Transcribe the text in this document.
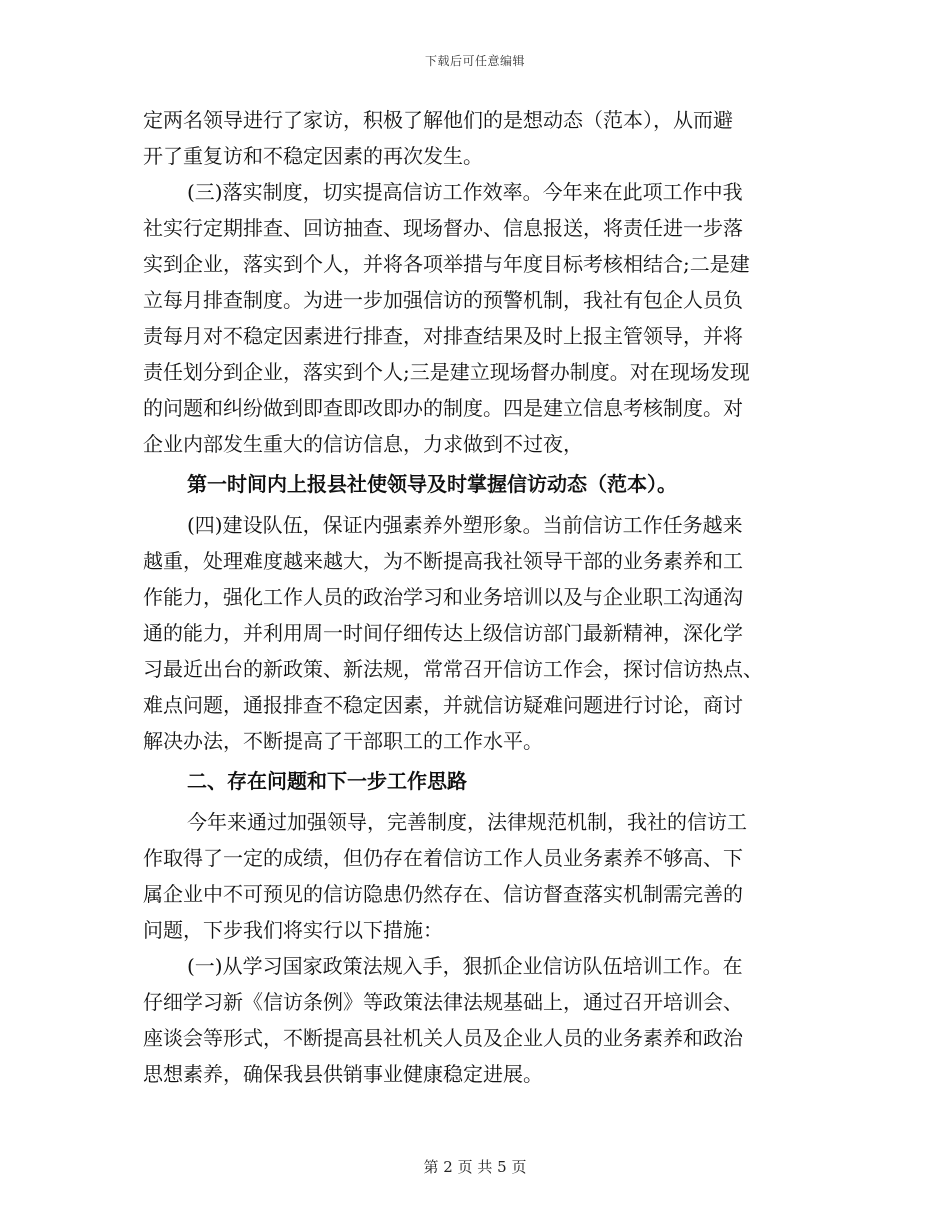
下载后可任意编辑
定两名领导进行了家访，积极了解他们的是想动态（范本），从而避
开了重复访和不稳定因素的再次发生。
(三)落实制度，切实提高信访工作效率。今年来在此项工作中我
社实行定期排查、回访抽查、现场督办、信息报送，将责任进一步落
实到企业，落实到个人，并将各项举措与年度目标考核相结合;二是建
立每月排查制度。为进一步加强信访的预警机制，我社有包企人员负
责每月对不稳定因素进行排查，对排查结果及时上报主管领导，并将
责任划分到企业，落实到个人;三是建立现场督办制度。对在现场发现
的问题和纠纷做到即查即改即办的制度。四是建立信息考核制度。对
企业内部发生重大的信访信息，力求做到不过夜，
第一时间内上报县社使领导及时掌握信访动态（范本）。
(四)建设队伍，保证内强素养外塑形象。当前信访工作任务越来
越重，处理难度越来越大，为不断提高我社领导干部的业务素养和工
作能力，强化工作人员的政治学习和业务培训以及与企业职工沟通沟
通的能力，并利用周一时间仔细传达上级信访部门最新精神，深化学
习最近出台的新政策、新法规，常常召开信访工作会，探讨信访热点、
难点问题，通报排查不稳定因素，并就信访疑难问题进行讨论，商讨
解决办法，不断提高了干部职工的工作水平。
二、存在问题和下一步工作思路
今年来通过加强领导，完善制度，法律规范机制，我社的信访工
作取得了一定的成绩，但仍存在着信访工作人员业务素养不够高、下
属企业中不可预见的信访隐患仍然存在、信访督查落实机制需完善的
问题，下步我们将实行以下措施：
(一)从学习国家政策法规入手，狠抓企业信访队伍培训工作。在
仔细学习新《信访条例》等政策法律法规基础上，通过召开培训会、
座谈会等形式，不断提高县社机关人员及企业人员的业务素养和政治
思想素养，确保我县供销事业健康稳定进展。
第 2 页 共 5 页
